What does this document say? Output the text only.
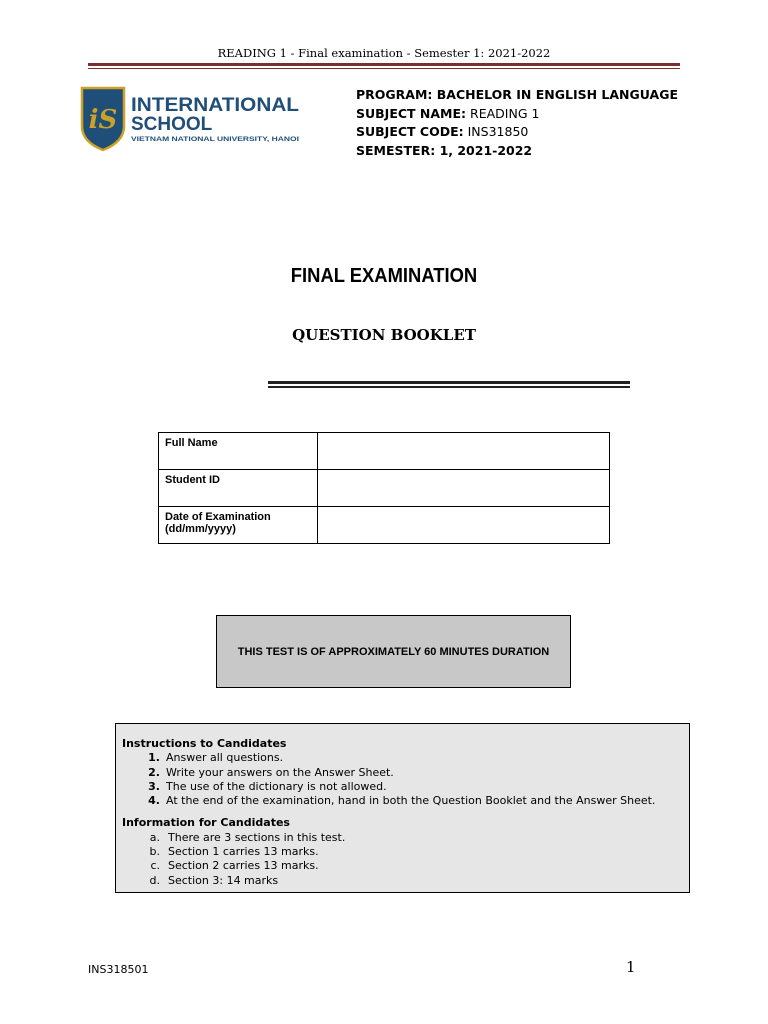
READING 1 - Final examination - Semester 1: 2021-2022
iS INTERNATIONAL
SCHOOL
VIETNAM NATIONAL UNIVERSITY, HANOI
PROGRAM: BACHELOR IN ENGLISH LANGUAGE
SUBJECT NAME: READING 1
SUBJECT CODE: INS31850
SEMESTER: 1, 2021-2022
FINAL EXAMINATION
QUESTION BOOKLET
Full Name	
Student ID	
Date of Examination
(dd/mm/yyyy)	
THIS TEST IS OF APPROXIMATELY 60 MINUTES DURATION
Instructions to Candidates
1. Answer all questions.
2. Write your answers on the Answer Sheet.
3. The use of the dictionary is not allowed.
4. At the end of the examination, hand in both the Question Booklet and the Answer Sheet.
Information for Candidates
a. There are 3 sections in this test.
b. Section 1 carries 13 marks.
c. Section 2 carries 13 marks.
d. Section 3: 14 marks
INS318501	1
